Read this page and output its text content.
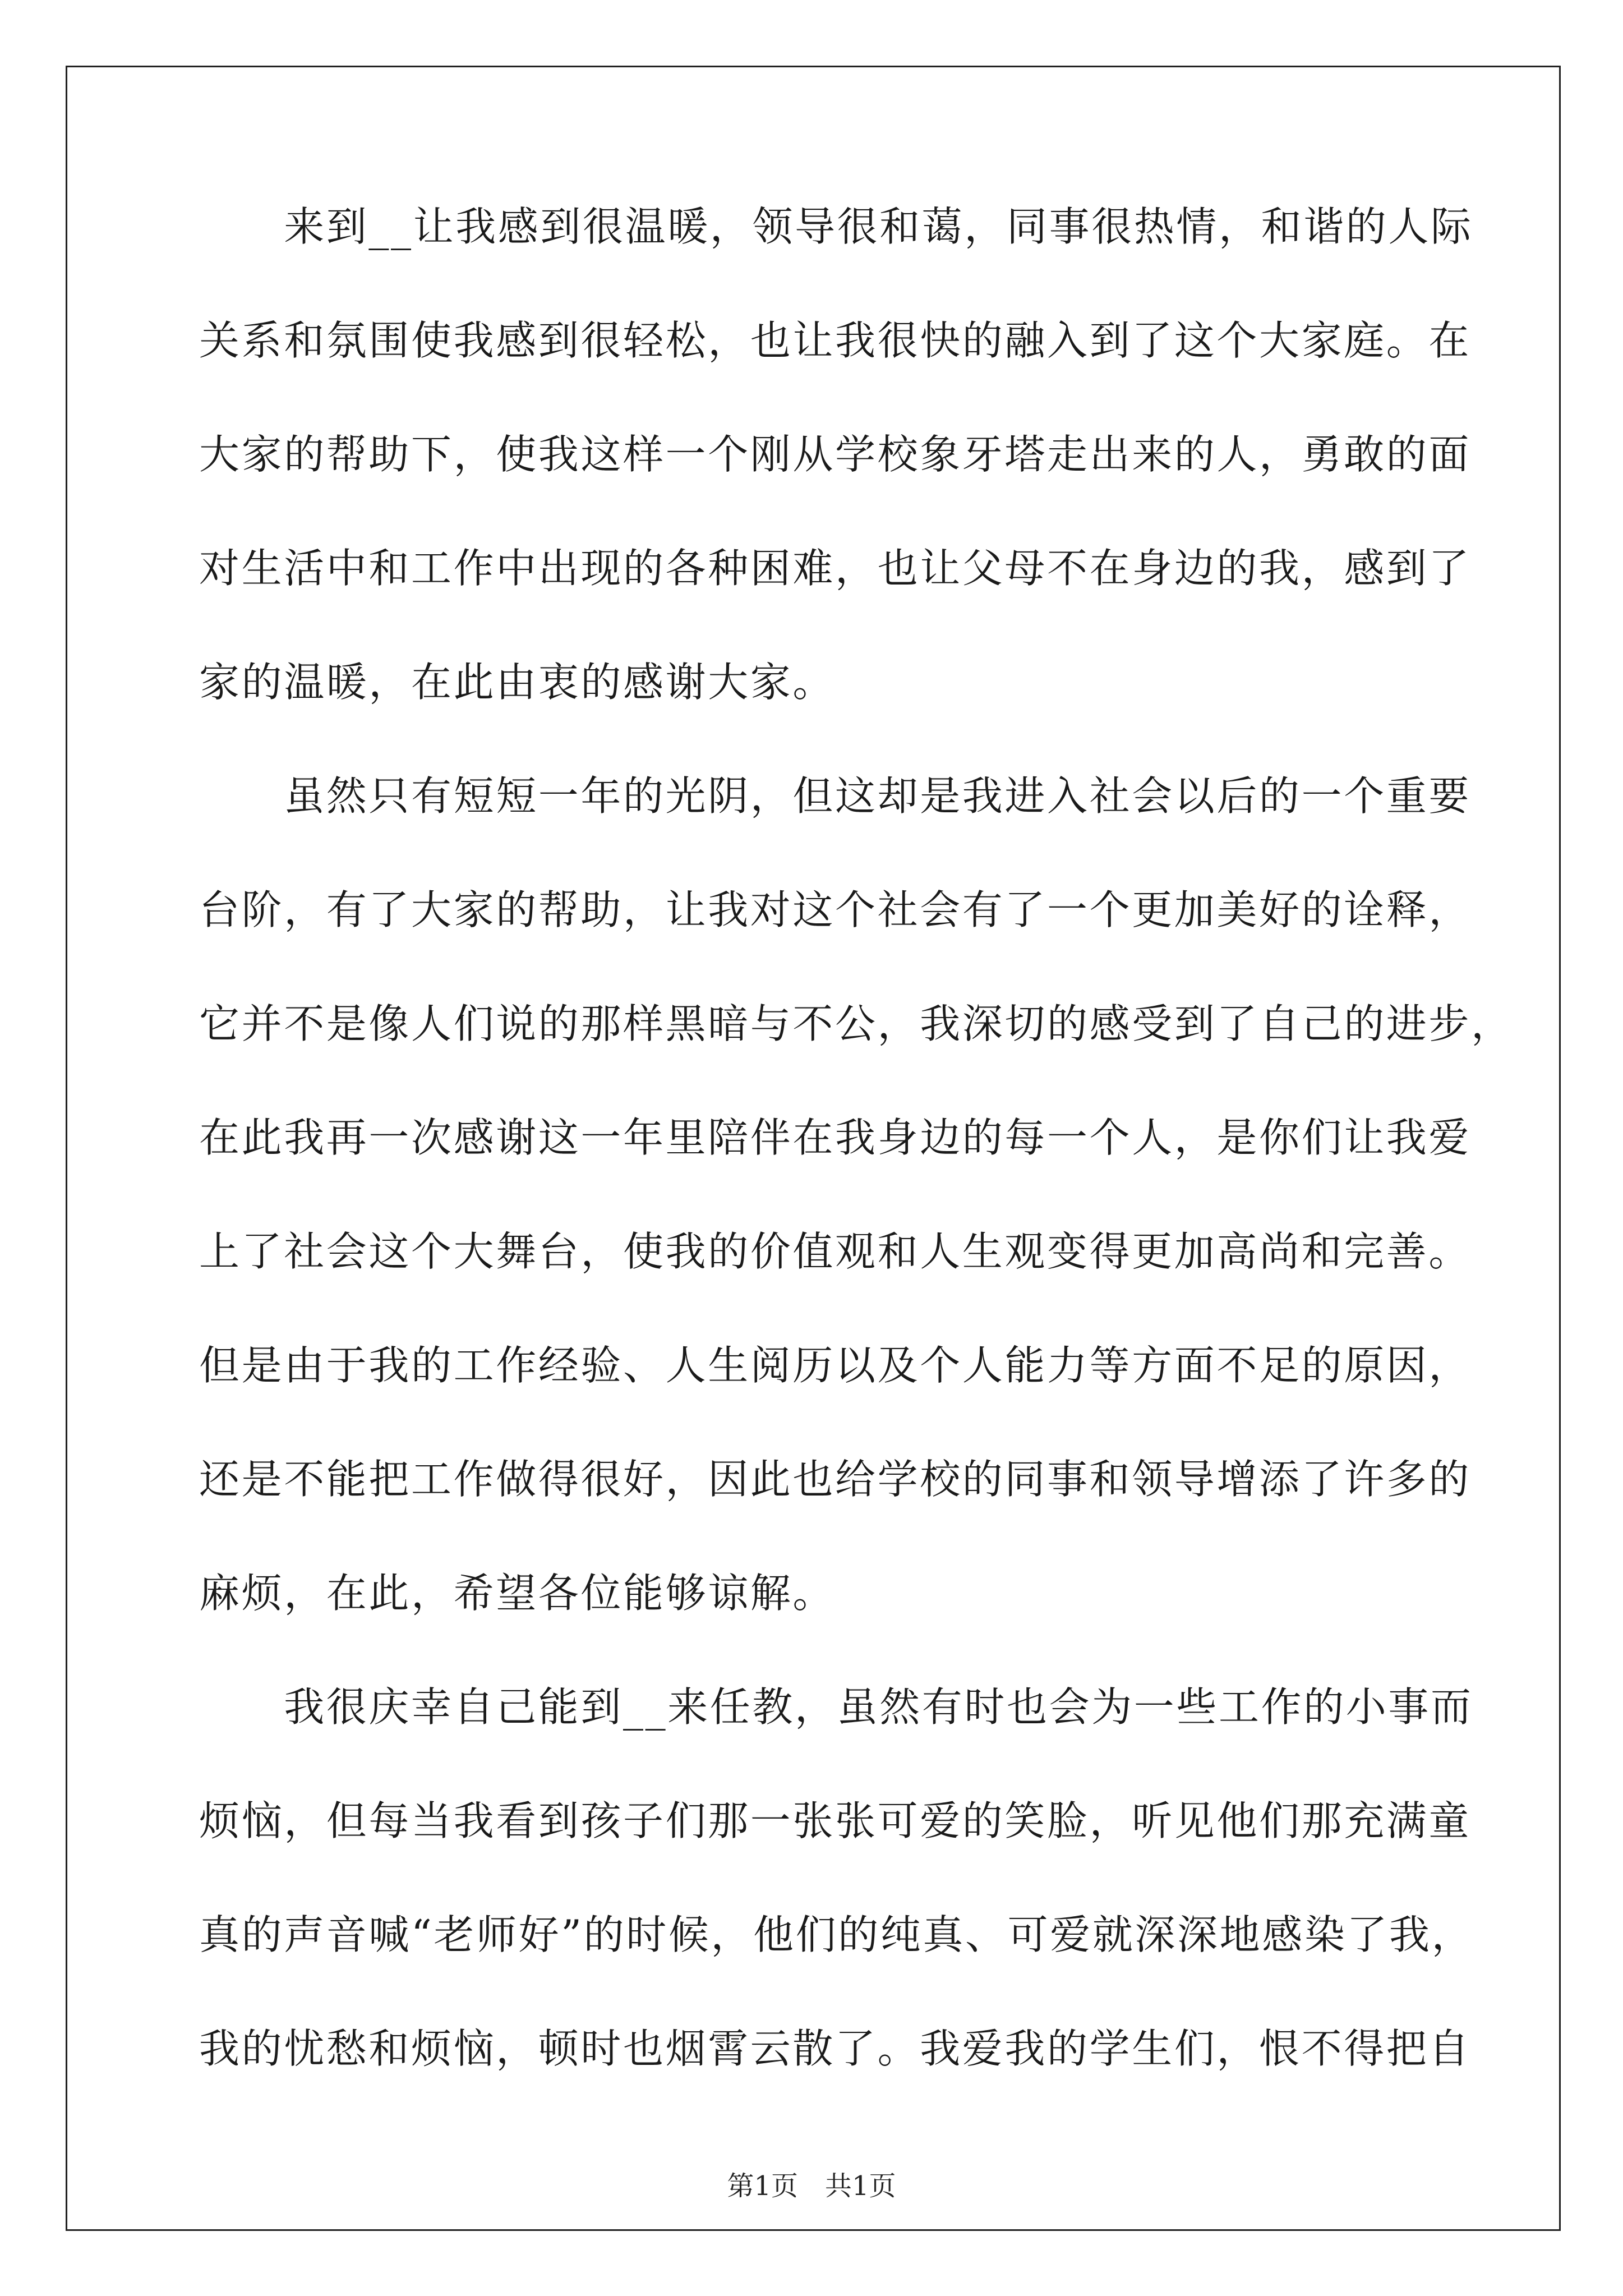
　　来到__让我感到很温暖，领导很和蔼，同事很热情，和谐的人际
关系和氛围使我感到很轻松，也让我很快的融入到了这个大家庭。在
大家的帮助下，使我这样一个刚从学校象牙塔走出来的人，勇敢的面
对生活中和工作中出现的各种困难，也让父母不在身边的我，感到了
家的温暖，在此由衷的感谢大家。
　　虽然只有短短一年的光阴，但这却是我进入社会以后的一个重要
台阶，有了大家的帮助，让我对这个社会有了一个更加美好的诠释，
它并不是像人们说的那样黑暗与不公，我深切的感受到了自己的进步，
在此我再一次感谢这一年里陪伴在我身边的每一个人，是你们让我爱
上了社会这个大舞台，使我的价值观和人生观变得更加高尚和完善。
但是由于我的工作经验、人生阅历以及个人能力等方面不足的原因，
还是不能把工作做得很好，因此也给学校的同事和领导增添了许多的
麻烦，在此，希望各位能够谅解。
　　我很庆幸自己能到__来任教，虽然有时也会为一些工作的小事而
烦恼，但每当我看到孩子们那一张张可爱的笑脸，听见他们那充满童
真的声音喊“老师好”的时候，他们的纯真、可爱就深深地感染了我，
我的忧愁和烦恼，顿时也烟霄云散了。我爱我的学生们，恨不得把自
第1页　共1页
